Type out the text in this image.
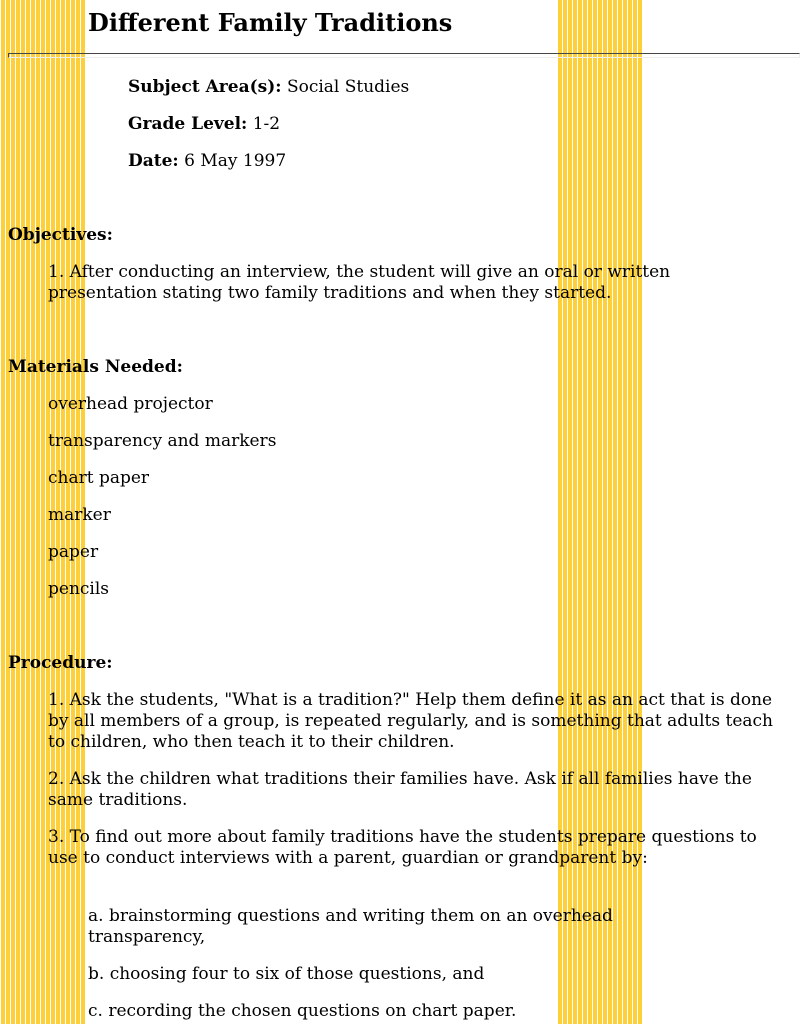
Different Family Traditions
Subject Area(s): Social Studies
Grade Level: 1-2
Date: 6 May 1997
Objectives:
1. After conducting an interview, the student will give an oral or written presentation stating two family traditions and when they started.
Materials Needed:
overhead projector
transparency and markers
chart paper
marker
paper
pencils
Procedure:
1. Ask the students, "What is a tradition?" Help them define it as an act that is done by all members of a group, is repeated regularly, and is something that adults teach to children, who then teach it to their children.
2. Ask the children what traditions their families have. Ask if all families have the same traditions.
3. To find out more about family traditions have the students prepare questions to use to conduct interviews with a parent, guardian or grandparent by:
a. brainstorming questions and writing them on an overhead transparency,
b. choosing four to six of those questions, and
c. recording the chosen questions on chart paper.
